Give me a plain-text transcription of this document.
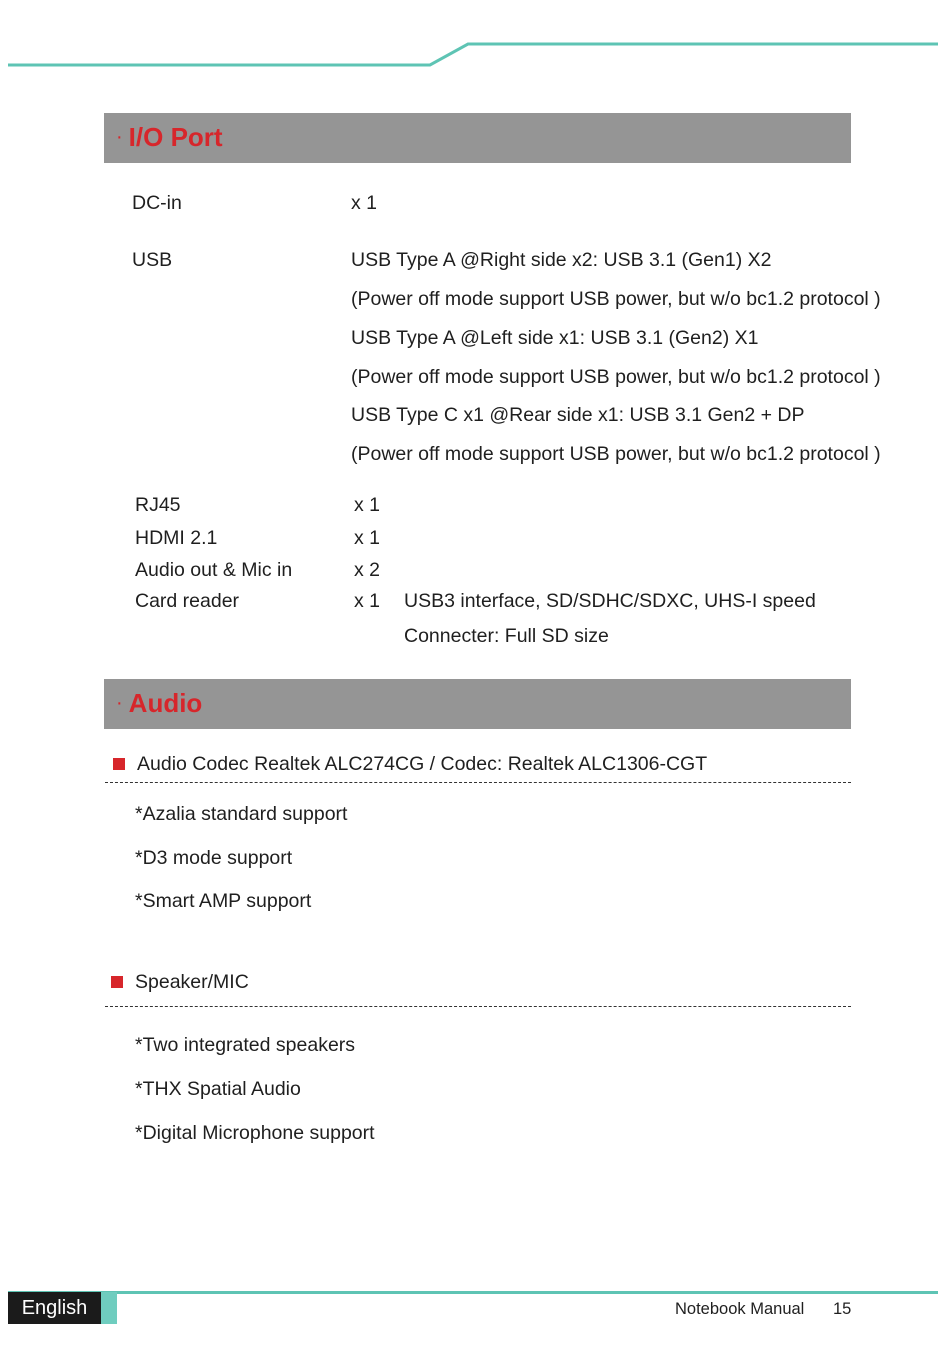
· I/O Port
DC-in	x 1
USB	USB Type A @Right side x2: USB 3.1 (Gen1) X2
(Power off mode support USB power, but w/o bc1.2 protocol )
USB Type A @Left side x1: USB 3.1 (Gen2) X1
(Power off mode support USB power, but w/o bc1.2 protocol )
USB Type C x1 @Rear side x1: USB 3.1 Gen2 + DP
(Power off mode support USB power, but w/o bc1.2 protocol )
RJ45	x 1
HDMI 2.1	x 1
Audio out & Mic in	x 2
Card reader	x 1 USB3 interface, SD/SDHC/SDXC, UHS-I speed
Connecter: Full SD size
· Audio
Audio Codec Realtek ALC274CG / Codec: Realtek ALC1306-CGT
*Azalia standard support
*D3 mode support
*Smart AMP support
Speaker/MIC
*Two integrated speakers
*THX Spatial Audio
*Digital Microphone support
English	Notebook Manual 15
